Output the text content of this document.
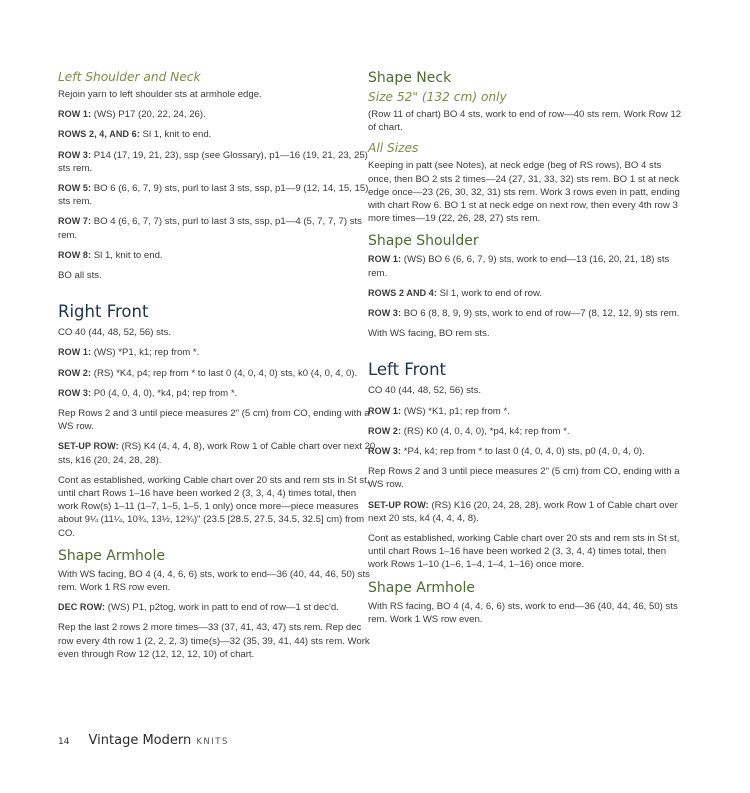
Left Shoulder and Neck

Rejoin yarn to left shoulder sts at armhole edge.

ROW 1: (WS) P17 (20, 22, 24, 26).

ROWS 2, 4, AND 6: Sl 1, knit to end.

ROW 3: P14 (17, 19, 21, 23), ssp (see Glossary), p1—16 (19, 21, 23, 25) sts rem.

ROW 5: BO 6 (6, 6, 7, 9) sts, purl to last 3 sts, ssp, p1—9 (12, 14, 15, 15) sts rem.

ROW 7: BO 4 (6, 6, 7, 7) sts, purl to last 3 sts, ssp, p1—4 (5, 7, 7, 7) sts rem.

ROW 8: Sl 1, knit to end.

BO all sts.

Right Front

CO 40 (44, 48, 52, 56) sts.

ROW 1: (WS) *P1, k1; rep from *.

ROW 2: (RS) *K4, p4; rep from * to last 0 (4, 0, 4, 0) sts, k0 (4, 0, 4, 0).

ROW 3: P0 (4, 0, 4, 0), *k4, p4; rep from *.

Rep Rows 2 and 3 until piece measures 2" (5 cm) from CO, ending with a WS row.

SET-UP ROW: (RS) K4 (4, 4, 4, 8), work Row 1 of Cable chart over next 20 sts, k16 (20, 24, 28, 28).

Cont as established, working Cable chart over 20 sts and rem sts in St st, until chart Rows 1–16 have been worked 2 (3, 3, 4, 4) times total, then work Row(s) 1–11 (1–7, 1–5, 1–5, 1 only) once more—piece measures about 9¼ (11¼, 10¾, 13½, 12¾)" (23.5 [28.5, 27.5, 34.5, 32.5] cm) from CO.

Shape Armhole

With WS facing, BO 4 (4, 4, 6, 6) sts, work to end—36 (40, 44, 46, 50) sts rem. Work 1 RS row even.

DEC ROW: (WS) P1, p2tog, work in patt to end of row—1 st dec'd.

Rep the last 2 rows 2 more times—33 (37, 41, 43, 47) sts rem. Rep dec row every 4th row 1 (2, 2, 2, 3) time(s)—32 (35, 39, 41, 44) sts rem. Work even through Row 12 (12, 12, 12, 10) of chart.

Shape Neck
Size 52" (132 cm) only

(Row 11 of chart) BO 4 sts, work to end of row—40 sts rem. Work Row 12 of chart.

All Sizes

Keeping in patt (see Notes), at neck edge (beg of RS rows), BO 4 sts once, then BO 2 sts 2 times—24 (27, 31, 33, 32) sts rem. BO 1 st at neck edge once—23 (26, 30, 32, 31) sts rem. Work 3 rows even in patt, ending with chart Row 6. BO 1 st at neck edge on next row, then every 4th row 3 more times—19 (22, 26, 28, 27) sts rem.

Shape Shoulder

ROW 1: (WS) BO 6 (6, 6, 7, 9) sts, work to end—13 (16, 20, 21, 18) sts rem.

ROWS 2 AND 4: Sl 1, work to end of row.

ROW 3: BO 6 (8, 8, 9, 9) sts, work to end of row—7 (8, 12, 12, 9) sts rem.

With WS facing, BO rem sts.

Left Front

CO 40 (44, 48, 52, 56) sts.

ROW 1: (WS) *K1, p1; rep from *.

ROW 2: (RS) K0 (4, 0, 4, 0), *p4, k4; rep from *.

ROW 3: *P4, k4; rep from * to last 0 (4, 0, 4, 0) sts, p0 (4, 0, 4, 0).

Rep Rows 2 and 3 until piece measures 2" (5 cm) from CO, ending with a WS row.

SET-UP ROW: (RS) K16 (20, 24, 28, 28), work Row 1 of Cable chart over next 20 sts, k4 (4, 4, 4, 8).

Cont as established, working Cable chart over 20 sts and rem sts in St st, until chart Rows 1–16 have been worked 2 (3, 3, 4, 4) times total, then work Rows 1–10 (1–6, 1–4, 1–4, 1–16) once more.

Shape Armhole

With RS facing, BO 4 (4, 4, 6, 6) sts, work to end—36 (40, 44, 46, 50) sts rem. Work 1 WS row even.

14 Vintage Modern KNITS
